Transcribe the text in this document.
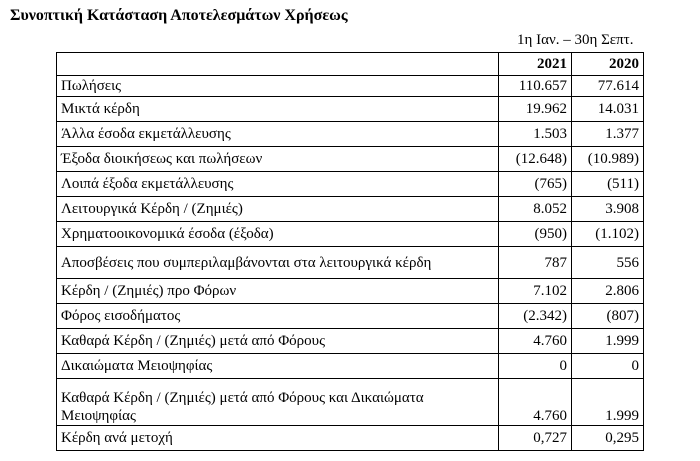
Συνοπτική Κατάσταση Αποτελεσμάτων Χρήσεως
1η Ιαν. – 30η Σεπτ.
	2021	2020
Πωλήσεις	110.657	77.614
Μικτά κέρδη	19.962	14.031
Άλλα έσοδα εκμετάλλευσης	1.503	1.377
Έξοδα διοικήσεως και πωλήσεων	(12.648)	(10.989)
Λοιπά έξοδα εκμετάλλευσης	(765)	(511)
Λειτουργικά Κέρδη / (Ζημιές)	8.052	3.908
Χρηματοοικονομικά έσοδα (έξοδα)	(950)	(1.102)
Αποσβέσεις που συμπεριλαμβάνονται στα λειτουργικά κέρδη	787	556
Κέρδη / (Ζημιές) προ Φόρων	7.102	2.806
Φόρος εισοδήματος	(2.342)	(807)
Καθαρά Κέρδη / (Ζημιές) μετά από Φόρους	4.760	1.999
Δικαιώματα Μειοψηφίας	0	0
Καθαρά Κέρδη / (Ζημιές) μετά από Φόρους και Δικαιώματα Μειοψηφίας	4.760	1.999
Κέρδη ανά μετοχή	0,727	0,295
